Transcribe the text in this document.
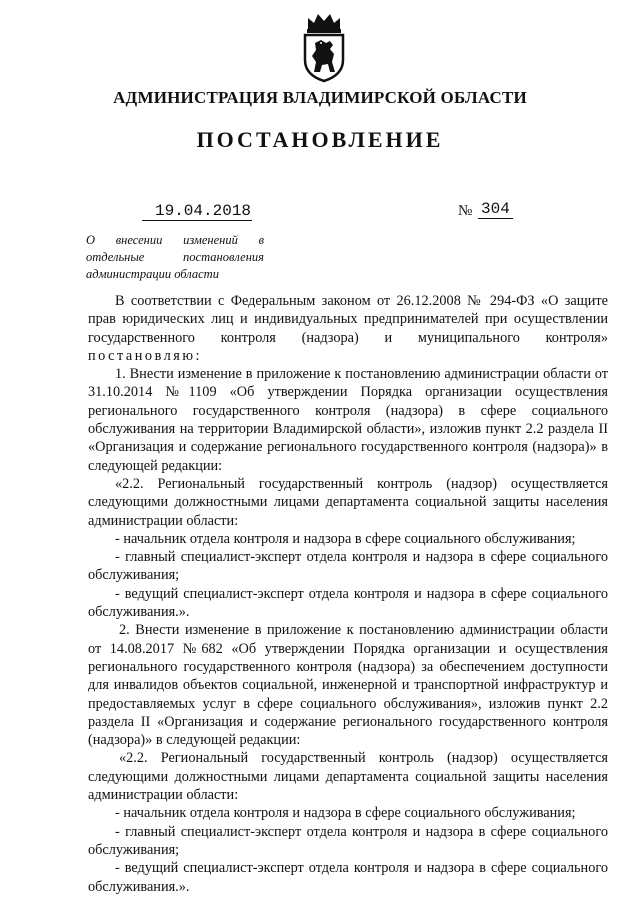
АДМИНИСТРАЦИЯ ВЛАДИМИРСКОЙ ОБЛАСТИ
ПОСТАНОВЛЕНИЕ
19.04.2018	№ 304
О внесении изменений в отдельные постановления администрации области

В соответствии с Федеральным законом от 26.12.2008 № 294-ФЗ «О защите прав юридических лиц и индивидуальных предпринимателей при осуществлении государственного контроля (надзора) и муниципального контроля» постановляю:

1. Внести изменение в приложение к постановлению администрации области от 31.10.2014 №1109 «Об утверждении Порядка организации осуществления регионального государственного контроля (надзора) в сфере социального обслуживания на территории Владимирской области», изложив пункт 2.2 раздела II «Организация и содержание регионального государственного контроля (надзора)» в следующей редакции:

«2.2. Региональный государственный контроль (надзор) осуществляется следующими должностными лицами департамента социальной защиты населения администрации области:

- начальник отдела контроля и надзора в сфере социального обслуживания;

- главный специалист-эксперт отдела контроля и надзора в сфере социального обслуживания;

- ведущий специалист-эксперт отдела контроля и надзора в сфере социального обслуживания.».

2. Внести изменение в приложение к постановлению администрации области от 14.08.2017 №682 «Об утверждении Порядка организации и осуществления регионального государственного контроля (надзора) за обеспечением доступности для инвалидов объектов социальной, инженерной и транспортной инфраструктур и предоставляемых услуг в сфере социального обслуживания», изложив пункт 2.2 раздела II «Организация и содержание регионального государственного контроля (надзора)» в следующей редакции:

«2.2. Региональный государственный контроль (надзор) осуществляется следующими должностными лицами департамента социальной защиты населения администрации области:

- начальник отдела контроля и надзора в сфере социального обслуживания;

- главный специалист-эксперт отдела контроля и надзора в сфере социального обслуживания;

- ведущий специалист-эксперт отдела контроля и надзора в сфере социального обслуживания.».
